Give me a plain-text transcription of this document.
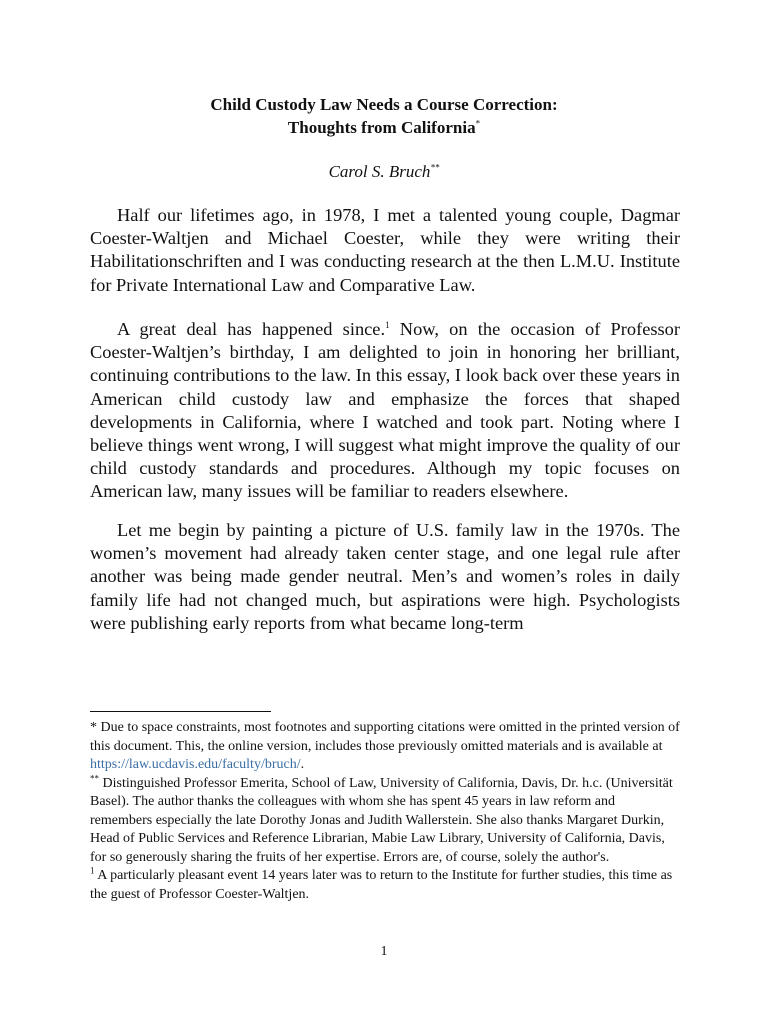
Child Custody Law Needs a Course Correction:
Thoughts from California*
Carol S. Bruch**

Half our lifetimes ago, in 1978, I met a talented young couple, Dagmar Coester-Waltjen and Michael Coester, while they were writing their Habilitationschriften and I was conducting research at the then L.M.U. Institute for Private International Law and Comparative Law.

A great deal has happened since.$^1$ Now, on the occasion of Professor Coester-Waltjen’s birthday, I am delighted to join in honoring her brilliant, continuing contributions to the law. In this essay, I look back over these years in American child custody law and emphasize the forces that shaped developments in California, where I watched and took part. Noting where I believe things went wrong, I will suggest what might improve the quality of our child custody standards and procedures. Although my topic focuses on American law, many issues will be familiar to readers elsewhere.

Let me begin by painting a picture of U.S. family law in the 1970s. The women’s movement had already taken center stage, and one legal rule after another was being made gender neutral. Men’s and women’s roles in daily family life had not changed much, but aspirations were high. Psychologists were publishing early reports from what became long-term

* Due to space constraints, most footnotes and supporting citations were omitted in the printed version of this document. This, the online version, includes those previously omitted materials and is available at https://law.ucdavis.edu/faculty/bruch/.

** Distinguished Professor Emerita, School of Law, University of California, Davis, Dr. h.c. (Universität Basel). The author thanks the colleagues with whom she has spent 45 years in law reform and remembers especially the late Dorothy Jonas and Judith Wallerstein. She also thanks Margaret Durkin, Head of Public Services and Reference Librarian, Mabie Law Library, University of California, Davis, for so generously sharing the fruits of her expertise. Errors are, of course, solely the author's.

$^1$ A particularly pleasant event 14 years later was to return to the Institute for further studies, this time as the guest of Professor Coester-Waltjen.

1
